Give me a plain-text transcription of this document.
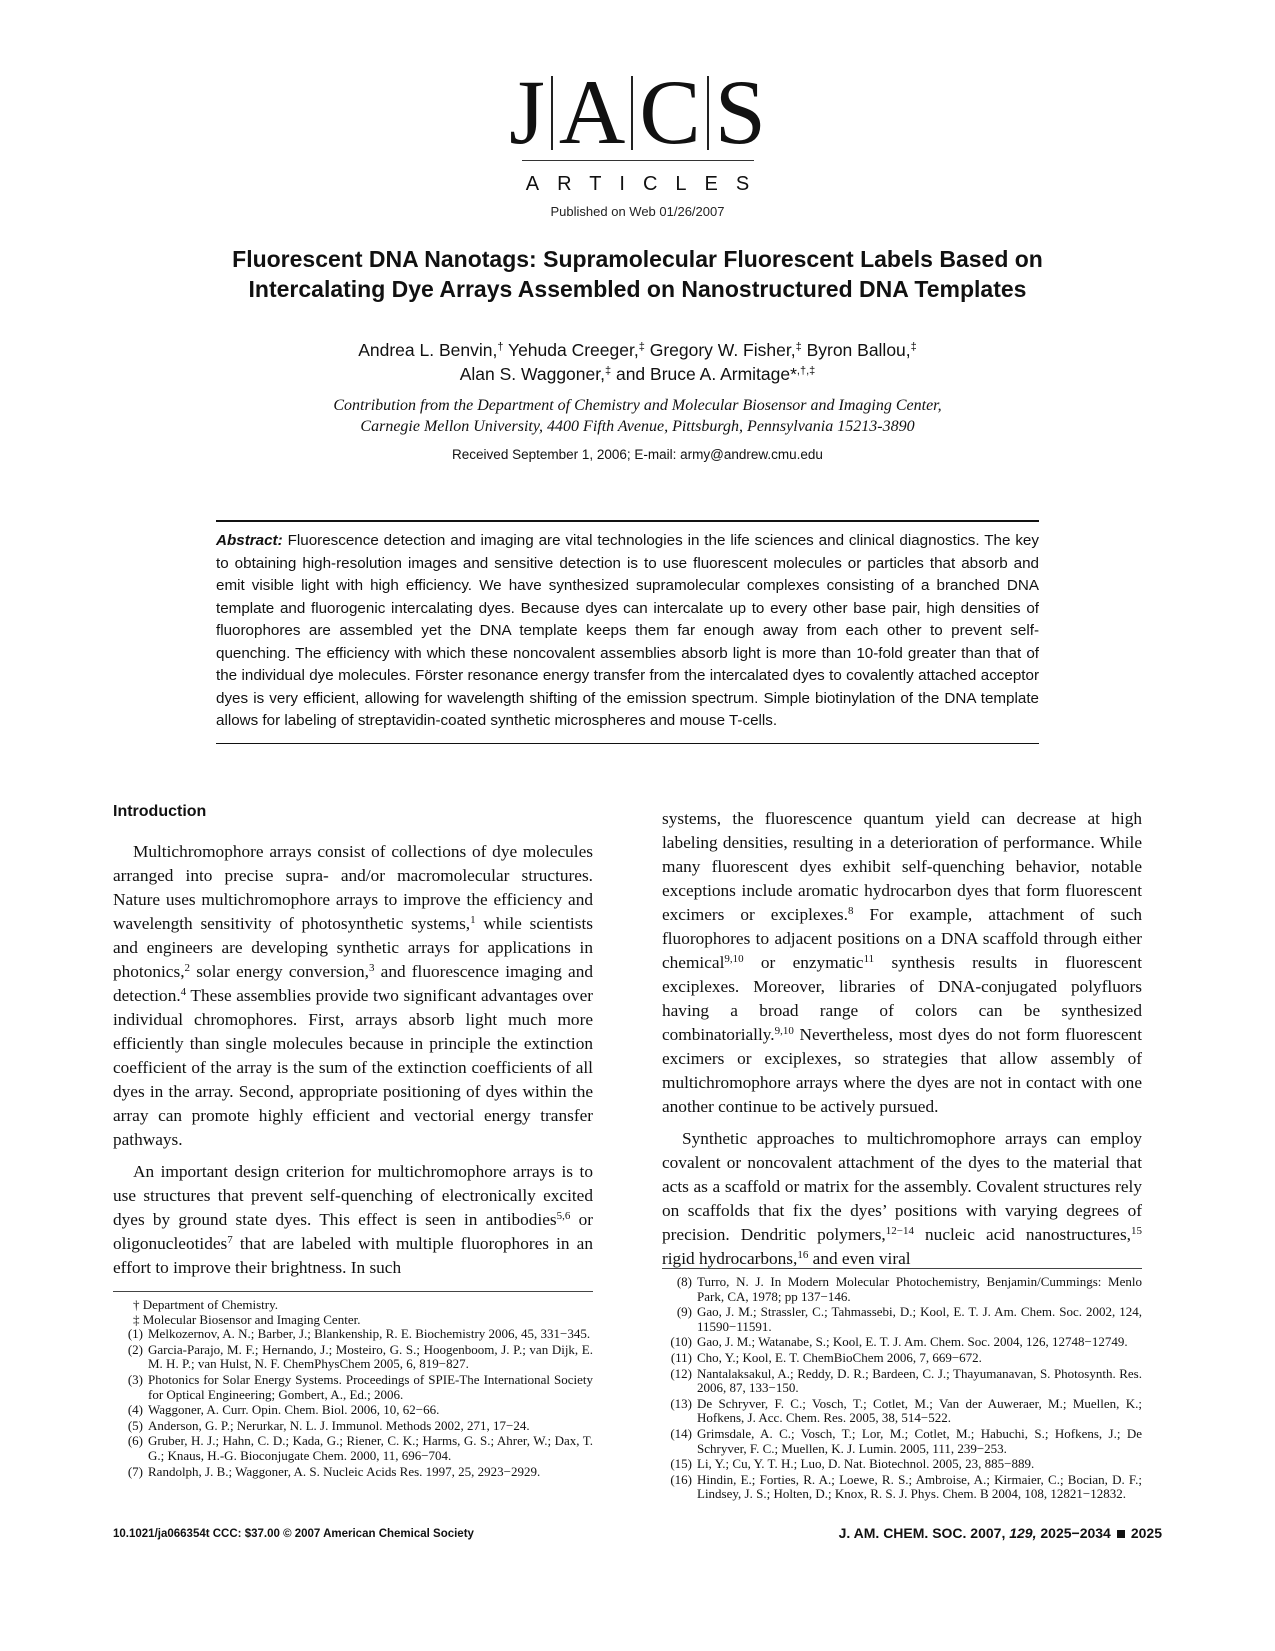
J A C S
ARTICLES
Published on Web 01/26/2007
Fluorescent DNA Nanotags: Supramolecular Fluorescent Labels Based on Intercalating Dye Arrays Assembled on Nanostructured DNA Templates
Andrea L. Benvin,† Yehuda Creeger,‡ Gregory W. Fisher,‡ Byron Ballou,‡
Alan S. Waggoner,‡ and Bruce A. Armitage*,†,‡
Contribution from the Department of Chemistry and Molecular Biosensor and Imaging Center,
Carnegie Mellon University, 4400 Fifth Avenue, Pittsburgh, Pennsylvania 15213-3890
Received September 1, 2006; E-mail: army@andrew.cmu.edu
Abstract: Fluorescence detection and imaging are vital technologies in the life sciences and clinical diagnostics. The key to obtaining high-resolution images and sensitive detection is to use fluorescent molecules or particles that absorb and emit visible light with high efficiency. We have synthesized supramolecular complexes consisting of a branched DNA template and fluorogenic intercalating dyes. Because dyes can intercalate up to every other base pair, high densities of fluorophores are assembled yet the DNA template keeps them far enough away from each other to prevent self-quenching. The efficiency with which these noncovalent assemblies absorb light is more than 10-fold greater than that of the individual dye molecules. Förster resonance energy transfer from the intercalated dyes to covalently attached acceptor dyes is very efficient, allowing for wavelength shifting of the emission spectrum. Simple biotinylation of the DNA template allows for labeling of streptavidin-coated synthetic microspheres and mouse T-cells.
Introduction

Multichromophore arrays consist of collections of dye molecules arranged into precise supra- and/or macromolecular structures. Nature uses multichromophore arrays to improve the efficiency and wavelength sensitivity of photosynthetic systems,$^1$ while scientists and engineers are developing synthetic arrays for applications in photonics,$^2$ solar energy conversion,$^3$ and fluorescence imaging and detection.$^4$ These assemblies provide two significant advantages over individual chromophores. First, arrays absorb light much more efficiently than single molecules because in principle the extinction coefficient of the array is the sum of the extinction coefficients of all dyes in the array. Second, appropriate positioning of dyes within the array can promote highly efficient and vectorial energy transfer pathways.

An important design criterion for multichromophore arrays is to use structures that prevent self-quenching of electronically excited dyes by ground state dyes. This effect is seen in antibodies$^{5,6}$ or oligonucleotides$^7$ that are labeled with multiple fluorophores in an effort to improve their brightness. In such

systems, the fluorescence quantum yield can decrease at high labeling densities, resulting in a deterioration of performance. While many fluorescent dyes exhibit self-quenching behavior, notable exceptions include aromatic hydrocarbon dyes that form fluorescent excimers or exciplexes.$^8$ For example, attachment of such fluorophores to adjacent positions on a DNA scaffold through either chemical$^{9,10}$ or enzymatic$^{11}$ synthesis results in fluorescent exciplexes. Moreover, libraries of DNA-conjugated polyfluors having a broad range of colors can be synthesized combinatorially.$^{9,10}$ Nevertheless, most dyes do not form fluorescent excimers or exciplexes, so strategies that allow assembly of multichromophore arrays where the dyes are not in contact with one another continue to be actively pursued.

Synthetic approaches to multichromophore arrays can employ covalent or noncovalent attachment of the dyes to the material that acts as a scaffold or matrix for the assembly. Covalent structures rely on scaffolds that fix the dyes’ positions with varying degrees of precision. Dendritic polymers,$^{12-14}$ nucleic acid nanostructures,$^{15}$ rigid hydrocarbons,$^{16}$ and even viral

† Department of Chemistry.
‡ Molecular Biosensor and Imaging Center.
(1) Melkozernov, A. N.; Barber, J.; Blankenship, R. E. Biochemistry 2006, 45, 331−345.
(2) Garcia-Parajo, M. F.; Hernando, J.; Mosteiro, G. S.; Hoogenboom, J. P.; van Dijk, E. M. H. P.; van Hulst, N. F. ChemPhysChem 2005, 6, 819−827.
(3) Photonics for Solar Energy Systems. Proceedings of SPIE-The International Society for Optical Engineering; Gombert, A., Ed.; 2006.
(4) Waggoner, A. Curr. Opin. Chem. Biol. 2006, 10, 62−66.
(5) Anderson, G. P.; Nerurkar, N. L. J. Immunol. Methods 2002, 271, 17−24.
(6) Gruber, H. J.; Hahn, C. D.; Kada, G.; Riener, C. K.; Harms, G. S.; Ahrer, W.; Dax, T. G.; Knaus, H.-G. Bioconjugate Chem. 2000, 11, 696−704.
(7) Randolph, J. B.; Waggoner, A. S. Nucleic Acids Res. 1997, 25, 2923−2929.
(8) Turro, N. J. In Modern Molecular Photochemistry, Benjamin/Cummings: Menlo Park, CA, 1978; pp 137−146.
(9) Gao, J. M.; Strassler, C.; Tahmassebi, D.; Kool, E. T. J. Am. Chem. Soc. 2002, 124, 11590−11591.
(10) Gao, J. M.; Watanabe, S.; Kool, E. T. J. Am. Chem. Soc. 2004, 126, 12748−12749.
(11) Cho, Y.; Kool, E. T. ChemBioChem 2006, 7, 669−672.
(12) Nantalaksakul, A.; Reddy, D. R.; Bardeen, C. J.; Thayumanavan, S. Photosynth. Res. 2006, 87, 133−150.
(13) De Schryver, F. C.; Vosch, T.; Cotlet, M.; Van der Auweraer, M.; Muellen, K.; Hofkens, J. Acc. Chem. Res. 2005, 38, 514−522.
(14) Grimsdale, A. C.; Vosch, T.; Lor, M.; Cotlet, M.; Habuchi, S.; Hofkens, J.; De Schryver, F. C.; Muellen, K. J. Lumin. 2005, 111, 239−253.
(15) Li, Y.; Cu, Y. T. H.; Luo, D. Nat. Biotechnol. 2005, 23, 885−889.
(16) Hindin, E.; Forties, R. A.; Loewe, R. S.; Ambroise, A.; Kirmaier, C.; Bocian, D. F.; Lindsey, J. S.; Holten, D.; Knox, R. S. J. Phys. Chem. B 2004, 108, 12821−12832.
10.1021/ja066354t CCC: $37.00 © 2007 American Chemical Society	J. AM. CHEM. SOC. 2007, 129, 2025−2034 2025
